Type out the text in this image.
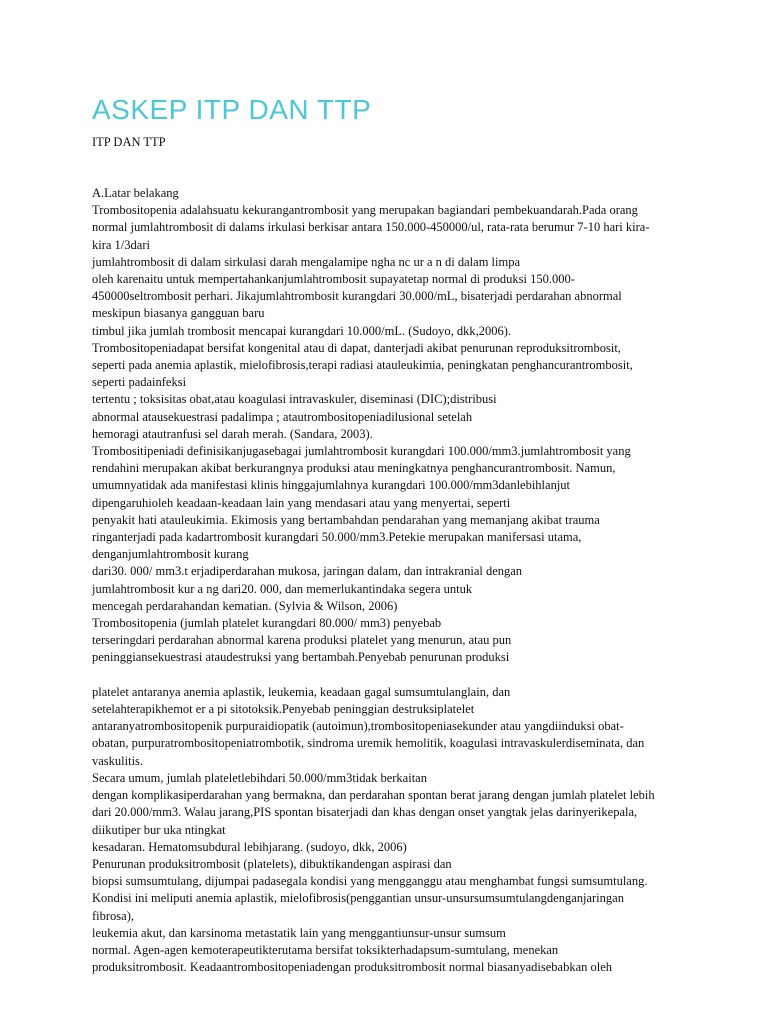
ASKEP ITP DAN TTP

ITP DAN TTP

A.Latar belakang
Trombositopenia adalahsuatu kekurangantrombosit yang merupakan bagiandari pembekuandarah.Pada orang
normal jumlahtrombosit di dalams irkulasi berkisar antara 150.000-450000/ul, rata-rata berumur 7-10 hari kira-
kira 1/3dari
jumlahtrombosit di dalam sirkulasi darah mengalamipe ngha nc ur a n di dalam limpa
oleh karenaitu untuk mempertahankanjumlahtrombosit supayatetap normal di produksi 150.000-
450000seltrombosit perhari. Jikajumlahtrombosit kurangdari 30.000/mL, bisaterjadi perdarahan abnormal
meskipun biasanya gangguan baru
timbul jika jumlah trombosit mencapai kurangdari 10.000/mL. (Sudoyo, dkk,2006).
Trombositopeniadapat bersifat kongenital atau di dapat, danterjadi akibat penurunan reproduksitrombosit,
seperti pada anemia aplastik, mielofibrosis,terapi radiasi atauleukimia, peningkatan penghancurantrombosit,
seperti padainfeksi
tertentu ; toksisitas obat,atau koagulasi intravaskuler, diseminasi (DIC);distribusi
abnormal atausekuestrasi padalimpa ; atautrombositopeniadilusional setelah
hemoragi atautranfusi sel darah merah. (Sandara, 2003).
Trombositipeniadi definisikanjugasebagai jumlahtrombosit kurangdari 100.000/mm3.jumlahtrombosit yang
rendahini merupakan akibat berkurangnya produksi atau meningkatnya penghancurantrombosit. Namun,
umumnyatidak ada manifestasi klinis hinggajumlahnya kurangdari 100.000/mm3danlebihlanjut
dipengaruhioleh keadaan-keadaan lain yang mendasari atau yang menyertai, seperti
penyakit hati atauleukimia. Ekimosis yang bertambahdan pendarahan yang memanjang akibat trauma
ringanterjadi pada kadartrombosit kurangdari 50.000/mm3.Petekie merupakan manifersasi utama,
denganjumlahtrombosit kurang
dari30. 000/ mm3.t erjadiperdarahan mukosa, jaringan dalam, dan intrakranial dengan
jumlahtrombosit kur a ng dari20. 000, dan memerlukantindaka segera untuk
mencegah perdarahandan kematian. (Sylvia & Wilson, 2006)
Trombositopenia (jumlah platelet kurangdari 80.000/ mm3) penyebab
terseringdari perdarahan abnormal karena produksi platelet yang menurun, atau pun
peninggiansekuestrasi ataudestruksi yang bertambah.Penyebab penurunan produksi
platelet antaranya anemia aplastik, leukemia, keadaan gagal sumsumtulanglain, dan
setelahterapikhemot er a pi sitotoksik.Penyebab peninggian destruksiplatelet
antaranyatrombositopenik purpuraidiopatik (autoimun),trombositopeniasekunder atau yangdiinduksi obat-
obatan, purpuratrombositopeniatrombotik, sindroma uremik hemolitik, koagulasi intravaskulerdiseminata, dan
vaskulitis.
Secara umum, jumlah plateletlebihdari 50.000/mm3tidak berkaitan
dengan komplikasiperdarahan yang bermakna, dan perdarahan spontan berat jarang dengan jumlah platelet lebih
dari 20.000/mm3. Walau jarang,PIS spontan bisaterjadi dan khas dengan onset yangtak jelas darinyerikepala,
diikutiper bur uka ntingkat
kesadaran. Hematomsubdural lebihjarang. (sudoyo, dkk, 2006)
Penurunan produksitrombosit (platelets), dibuktikandengan aspirasi dan
biopsi sumsumtulang, dijumpai padasegala kondisi yang mengganggu atau menghambat fungsi sumsumtulang.
Kondisi ini meliputi anemia aplastik, mielofibrosis(penggantian unsur-unsursumsumtulangdenganjaringan
fibrosa),
leukemia akut, dan karsinoma metastatik lain yang menggantiunsur-unsur sumsum
normal. Agen-agen kemoterapeutikterutama bersifat toksikterhadapsum-sumtulang, menekan
produksitrombosit. Keadaantrombositopeniadengan produksitrombosit normal biasanyadisebabkan oleh
